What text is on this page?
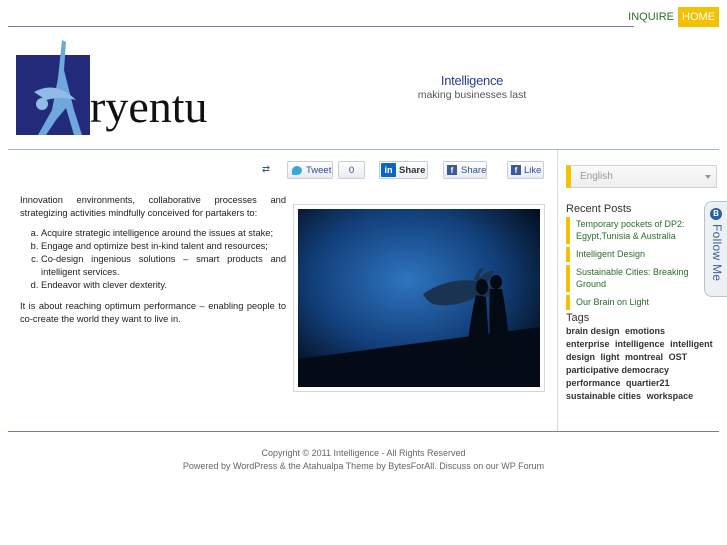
INQUIRE HOME
ryentu
Intelligence
making businesses last
⇄	Tweet	0	in Share	f Share	f Like

Innovation environments, collaborative processes and strategizing activities mindfully conceived for partakers to:

a. Acquire strategic intelligence around the issues at stake;
b. Engage and optimize best in-kind talent and resources;
c. Co-design ingenious solutions – smart products and intelligent services.
d. Endeavor with clever dexterity.

It is about reaching optimum performance – enabling people to co-create the world they want to live in.

English
Recent Posts
Temporary pockets of DP2: Egypt,Tunisia & Australia
Intelligent Design
Sustainable Cities: Breaking Ground
Our Brain on Light
Tags
brain design emotions enterprise intelligence intelligent design light montreal OST participative democracy performance quartier21 sustainable cities workspace
B
Follow Me
Copyright © 2011 Intelligence - All Rights Reserved
Powered by WordPress & the Atahualpa Theme by BytesForAll. Discuss on our WP Forum
